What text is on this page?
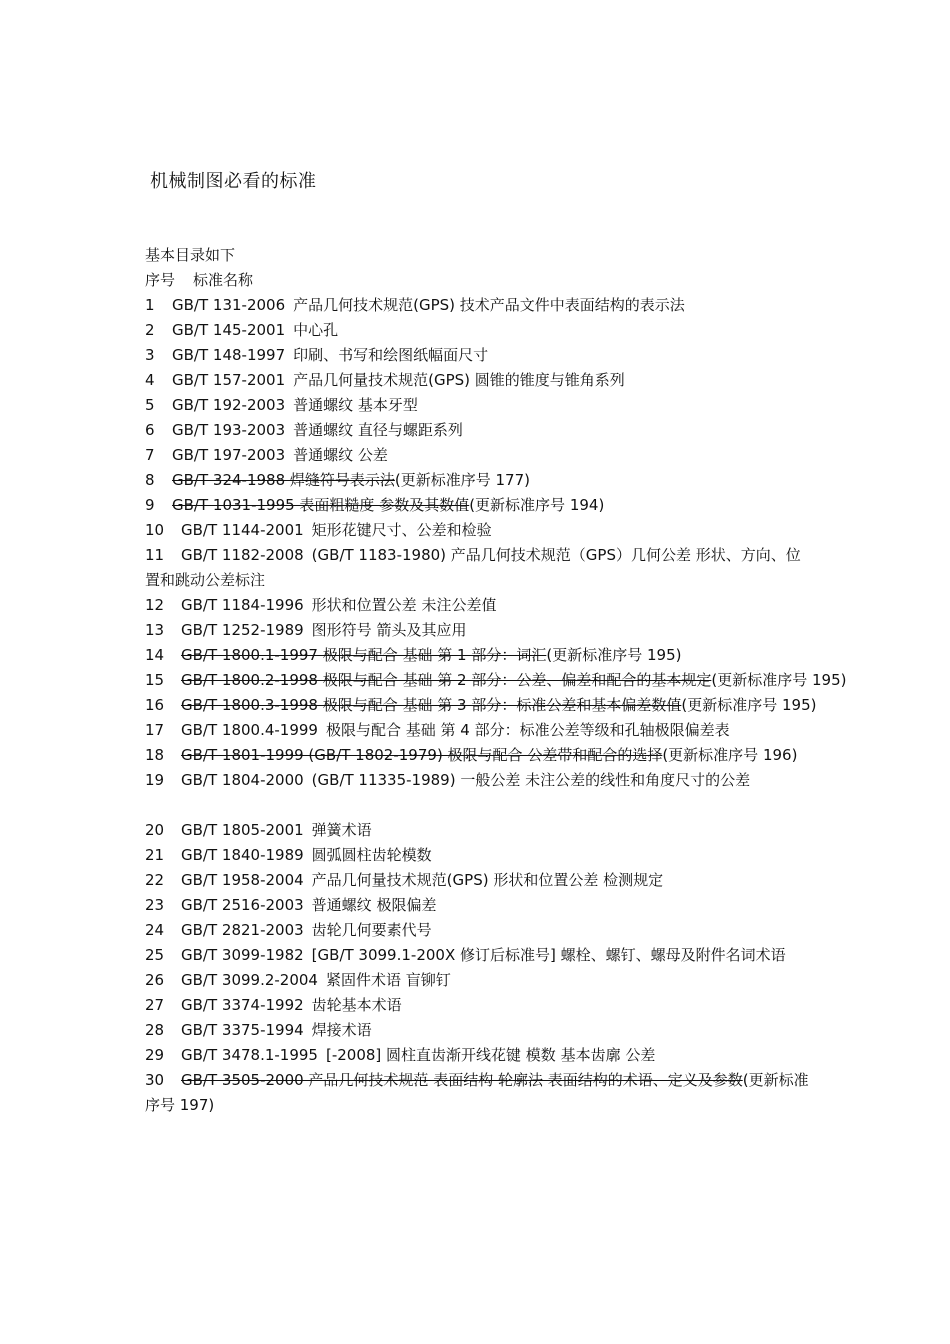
机械制图必看的标准
基本目录如下
序号 标准名称
1 GB/T 131-2006 产品几何技术规范(GPS) 技术产品文件中表面结构的表示法
2 GB/T 145-2001 中心孔
3 GB/T 148-1997 印刷、书写和绘图纸幅面尺寸
4 GB/T 157-2001 产品几何量技术规范(GPS) 圆锥的锥度与锥角系列
5 GB/T 192-2003 普通螺纹 基本牙型
6 GB/T 193-2003 普通螺纹 直径与螺距系列
7 GB/T 197-2003 普通螺纹 公差
8 GB/T 324-1988 焊缝符号表示法(更新标准序号 177)
9 GB/T 1031-1995 表面粗糙度 参数及其数值(更新标准序号 194)
10 GB/T 1144-2001 矩形花键尺寸、公差和检验
11 GB/T 1182-2008 (GB/T 1183-1980) 产品几何技术规范（GPS）几何公差 形状、方向、位置和跳动公差标注
12 GB/T 1184-1996 形状和位置公差 未注公差值
13 GB/T 1252-1989 图形符号 箭头及其应用
14 GB/T 1800.1-1997 极限与配合 基础 第 1 部分：词汇(更新标准序号 195)
15 GB/T 1800.2-1998 极限与配合 基础 第 2 部分：公差、偏差和配合的基本规定(更新标准序号 195)
16 GB/T 1800.3-1998 极限与配合 基础 第 3 部分：标准公差和基本偏差数值(更新标准序号 195)
17 GB/T 1800.4-1999 极限与配合 基础 第 4 部分：标准公差等级和孔轴极限偏差表
18 GB/T 1801-1999 (GB/T 1802-1979) 极限与配合 公差带和配合的选择(更新标准序号 196)
19 GB/T 1804-2000 (GB/T 11335-1989) 一般公差 未注公差的线性和角度尺寸的公差
20 GB/T 1805-2001 弹簧术语
21 GB/T 1840-1989 圆弧圆柱齿轮模数
22 GB/T 1958-2004 产品几何量技术规范(GPS) 形状和位置公差 检测规定
23 GB/T 2516-2003 普通螺纹 极限偏差
24 GB/T 2821-2003 齿轮几何要素代号
25 GB/T 3099-1982 [GB/T 3099.1-200X 修订后标准号] 螺栓、螺钉、螺母及附件名词术语
26 GB/T 3099.2-2004 紧固件术语 盲铆钉
27 GB/T 3374-1992 齿轮基本术语
28 GB/T 3375-1994 焊接术语
29 GB/T 3478.1-1995 [-2008] 圆柱直齿渐开线花键 模数 基本齿廓 公差
30 GB/T 3505-2000 产品几何技术规范 表面结构 轮廓法 表面结构的术语、定义及参数(更新标准序号 197)
